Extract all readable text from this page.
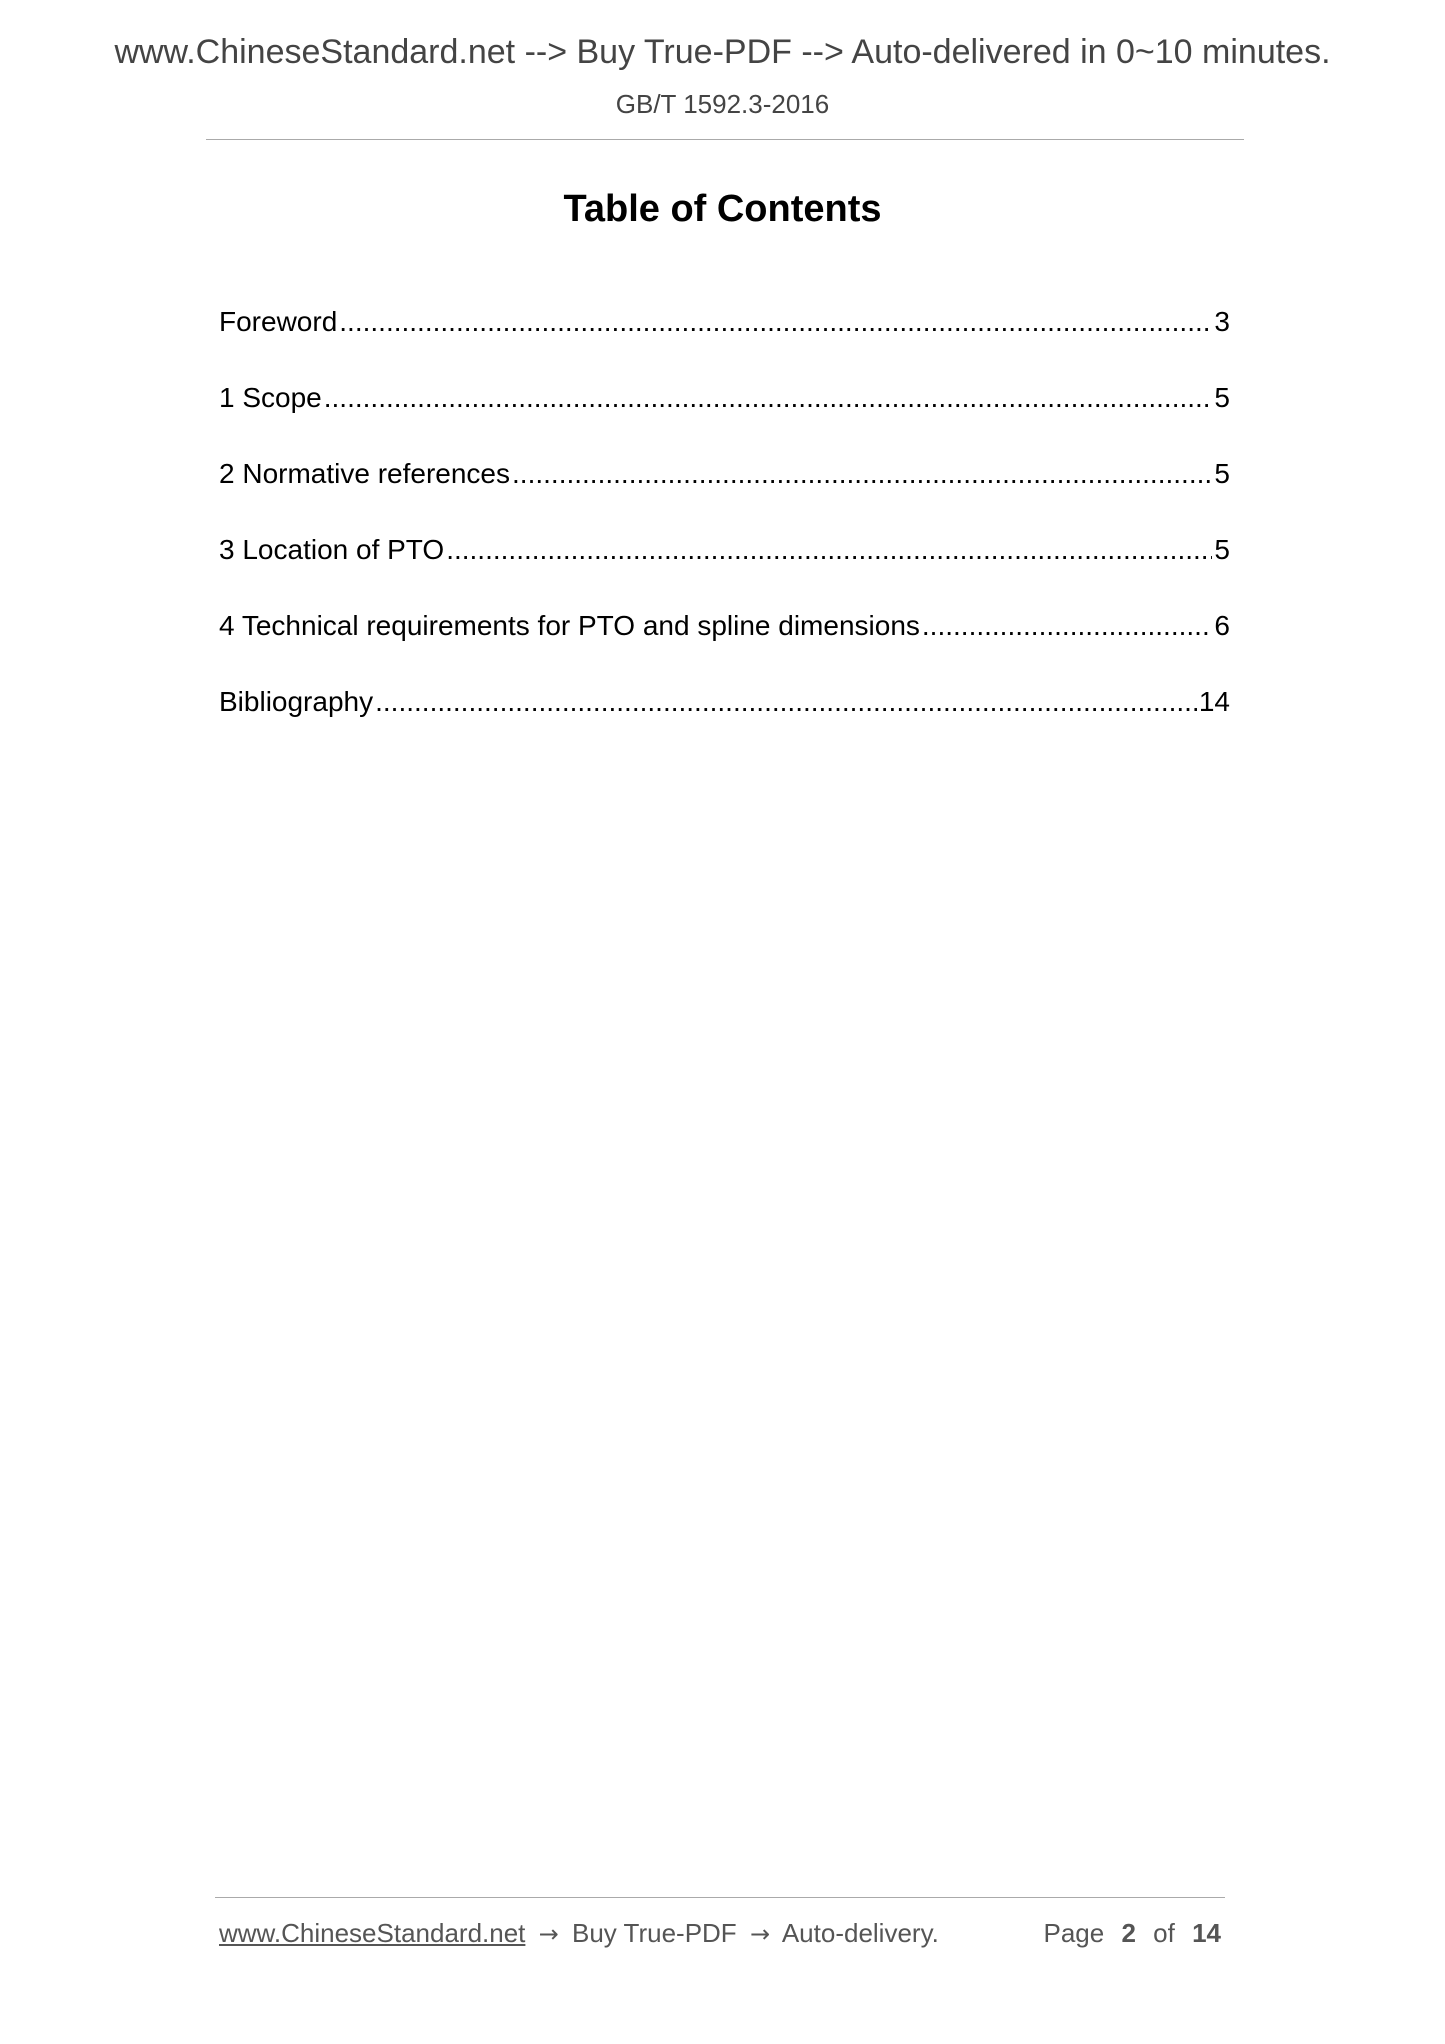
www.ChineseStandard.net --> Buy True-PDF --> Auto-delivered in 0~10 minutes.
GB/T 1592.3-2016
Table of Contents
Foreword .....	3
1 Scope .....	5
2 Normative references .....	5
3 Location of PTO .....	5
4 Technical requirements for PTO and spline dimensions .....	6
Bibliography .....	14
www.ChineseStandard.net → Buy True-PDF → Auto-delivery.	Page 2 of 14
